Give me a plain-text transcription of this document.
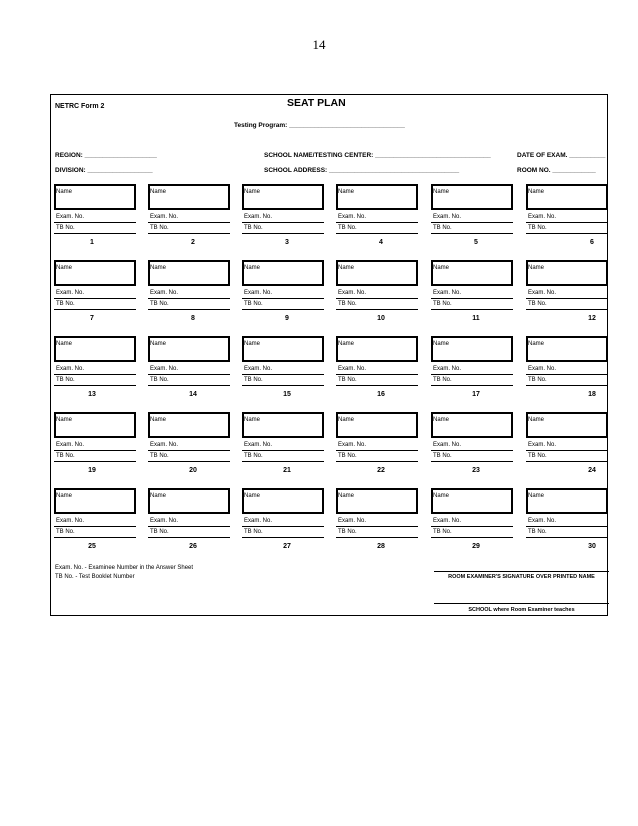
14
NETRC Form 2	SEAT PLAN
Testing Program: ________________________________
REGION: ____________________
DIVISION: __________________
SCHOOL NAME/TESTING CENTER: ________________________________
SCHOOL ADDRESS: ____________________________________
DATE OF EXAM. __________
ROOM NO. ____________
Name
Exam. No.
TB No.
1
Name
Exam. No.
TB No.
2
Name
Exam. No.
TB No.
3
Name
Exam. No.
TB No.
4
Name
Exam. No.
TB No.
5
Name
Exam. No.
TB No.
6
Name
Exam. No.
TB No.
7
Name
Exam. No.
TB No.
8
Name
Exam. No.
TB No.
9
Name
Exam. No.
TB No.
10
Name
Exam. No.
TB No.
11
Name
Exam. No.
TB No.
12
Name
Exam. No.
TB No.
13
Name
Exam. No.
TB No.
14
Name
Exam. No.
TB No.
15
Name
Exam. No.
TB No.
16
Name
Exam. No.
TB No.
17
Name
Exam. No.
TB No.
18
Name
Exam. No.
TB No.
19
Name
Exam. No.
TB No.
20
Name
Exam. No.
TB No.
21
Name
Exam. No.
TB No.
22
Name
Exam. No.
TB No.
23
Name
Exam. No.
TB No.
24
Name
Exam. No.
TB No.
25
Name
Exam. No.
TB No.
26
Name
Exam. No.
TB No.
27
Name
Exam. No.
TB No.
28
Name
Exam. No.
TB No.
29
Name
Exam. No.
TB No.
30
Exam. No. - Examinee Number in the Answer Sheet
TB No. - Test Booklet Number	ROOM EXAMINER'S SIGNATURE OVER PRINTED NAME
SCHOOL where Room Examiner teaches
